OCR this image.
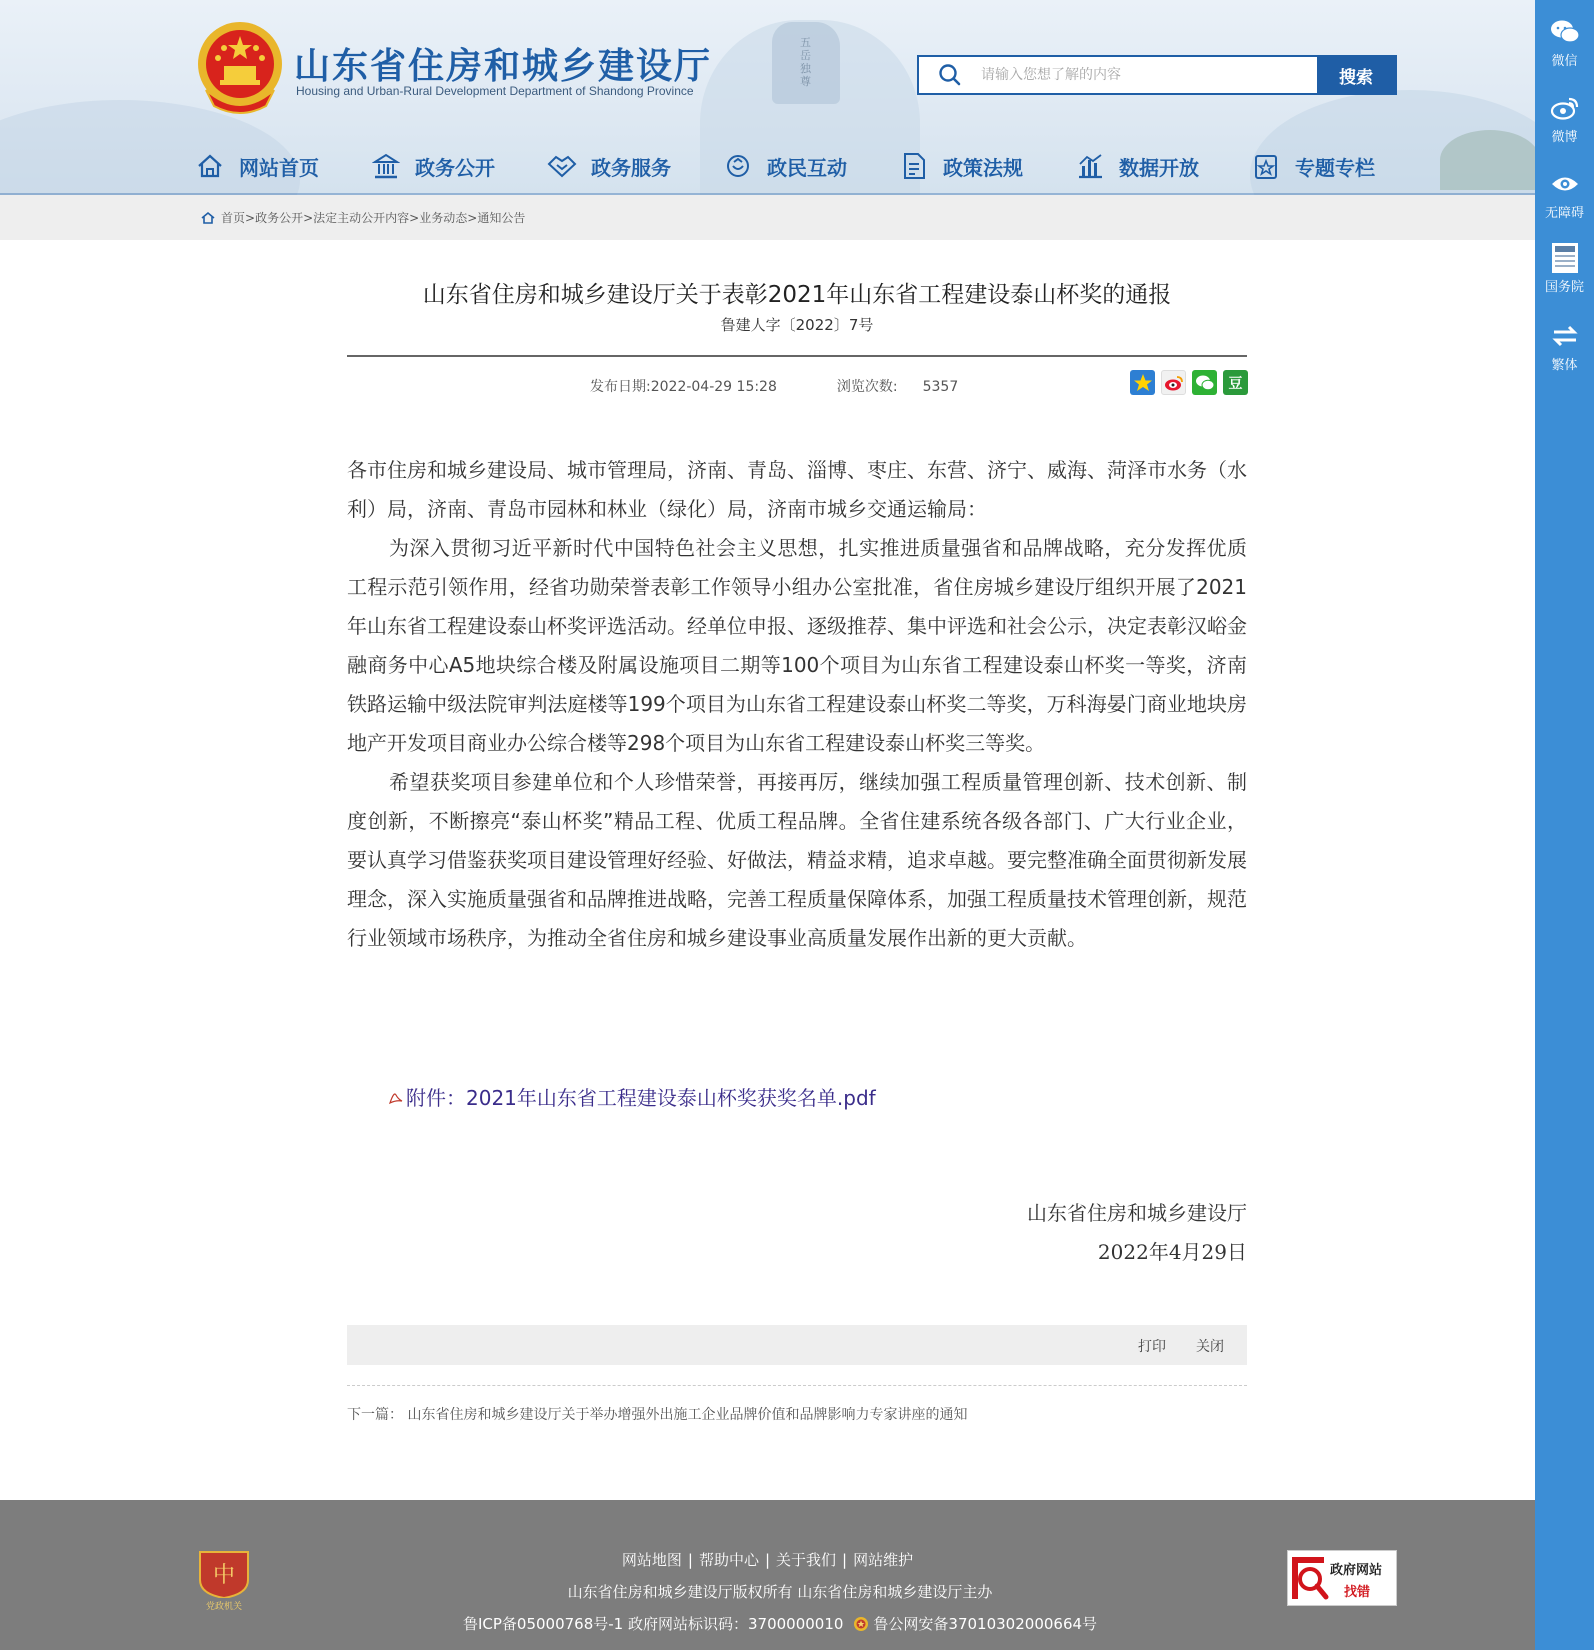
五岳独尊
山东省住房和城乡建设厅
Housing and Urban-Rural Development Department of Shandong Province
请输入您想了解的内容
搜索
网站首页	政务公开	政务服务	政民互动	政策法规	数据开放	专题专栏
首页 > 政务公开 > 法定主动公开内容 > 业务动态 > 通知公告
山东省住房和城乡建设厅关于表彰2021年山东省工程建设泰山杯奖的通报
鲁建人字〔2022〕7号
发布日期:2022-04-29 15:28	浏览次数: 5357	豆

各市住房和城乡建设局、城市管理局，济南、青岛、淄博、枣庄、东营、济宁、威海、菏泽市水务（水利）局，济南、青岛市园林和林业（绿化）局，济南市城乡交通运输局：

为深入贯彻习近平新时代中国特色社会主义思想，扎实推进质量强省和品牌战略，充分发挥优质工程示范引领作用，经省功勋荣誉表彰工作领导小组办公室批准，省住房城乡建设厅组织开展了2021年山东省工程建设泰山杯奖评选活动。经单位申报、逐级推荐、集中评选和社会公示，决定表彰汉峪金融商务中心A5地块综合楼及附属设施项目二期等100个项目为山东省工程建设泰山杯奖一等奖，济南铁路运输中级法院审判法庭楼等199个项目为山东省工程建设泰山杯奖二等奖，万科海晏门商业地块房地产开发项目商业办公综合楼等298个项目为山东省工程建设泰山杯奖三等奖。

希望获奖项目参建单位和个人珍惜荣誉，再接再厉，继续加强工程质量管理创新、技术创新、制度创新，不断擦亮“泰山杯奖”精品工程、优质工程品牌。全省住建系统各级各部门、广大行业企业，要认真学习借鉴获奖项目建设管理好经验、好做法，精益求精，追求卓越。要完整准确全面贯彻新发展理念，深入实施质量强省和品牌推进战略，完善工程质量保障体系，加强工程质量技术管理创新，规范行业领域市场秩序，为推动全省住房和城乡建设事业高质量发展作出新的更大贡献。

附件：2021年山东省工程建设泰山杯奖获奖名单.pdf
山东省住房和城乡建设厅
2022年4月29日
打印 关闭
下一篇： 山东省住房和城乡建设厅关于举办增强外出施工企业品牌价值和品牌影响力专家讲座的通知
微信
微博
无障碍
国务院
繁体
中
党政机关
网站地图 | 帮助中心 | 关于我们 | 网站维护
山东省住房和城乡建设厅版权所有 山东省住房和城乡建设厅主办
鲁ICP备05000768号-1 政府网站标识码：3700000010 鲁公网安备37010302000664号
政府网站
找错
